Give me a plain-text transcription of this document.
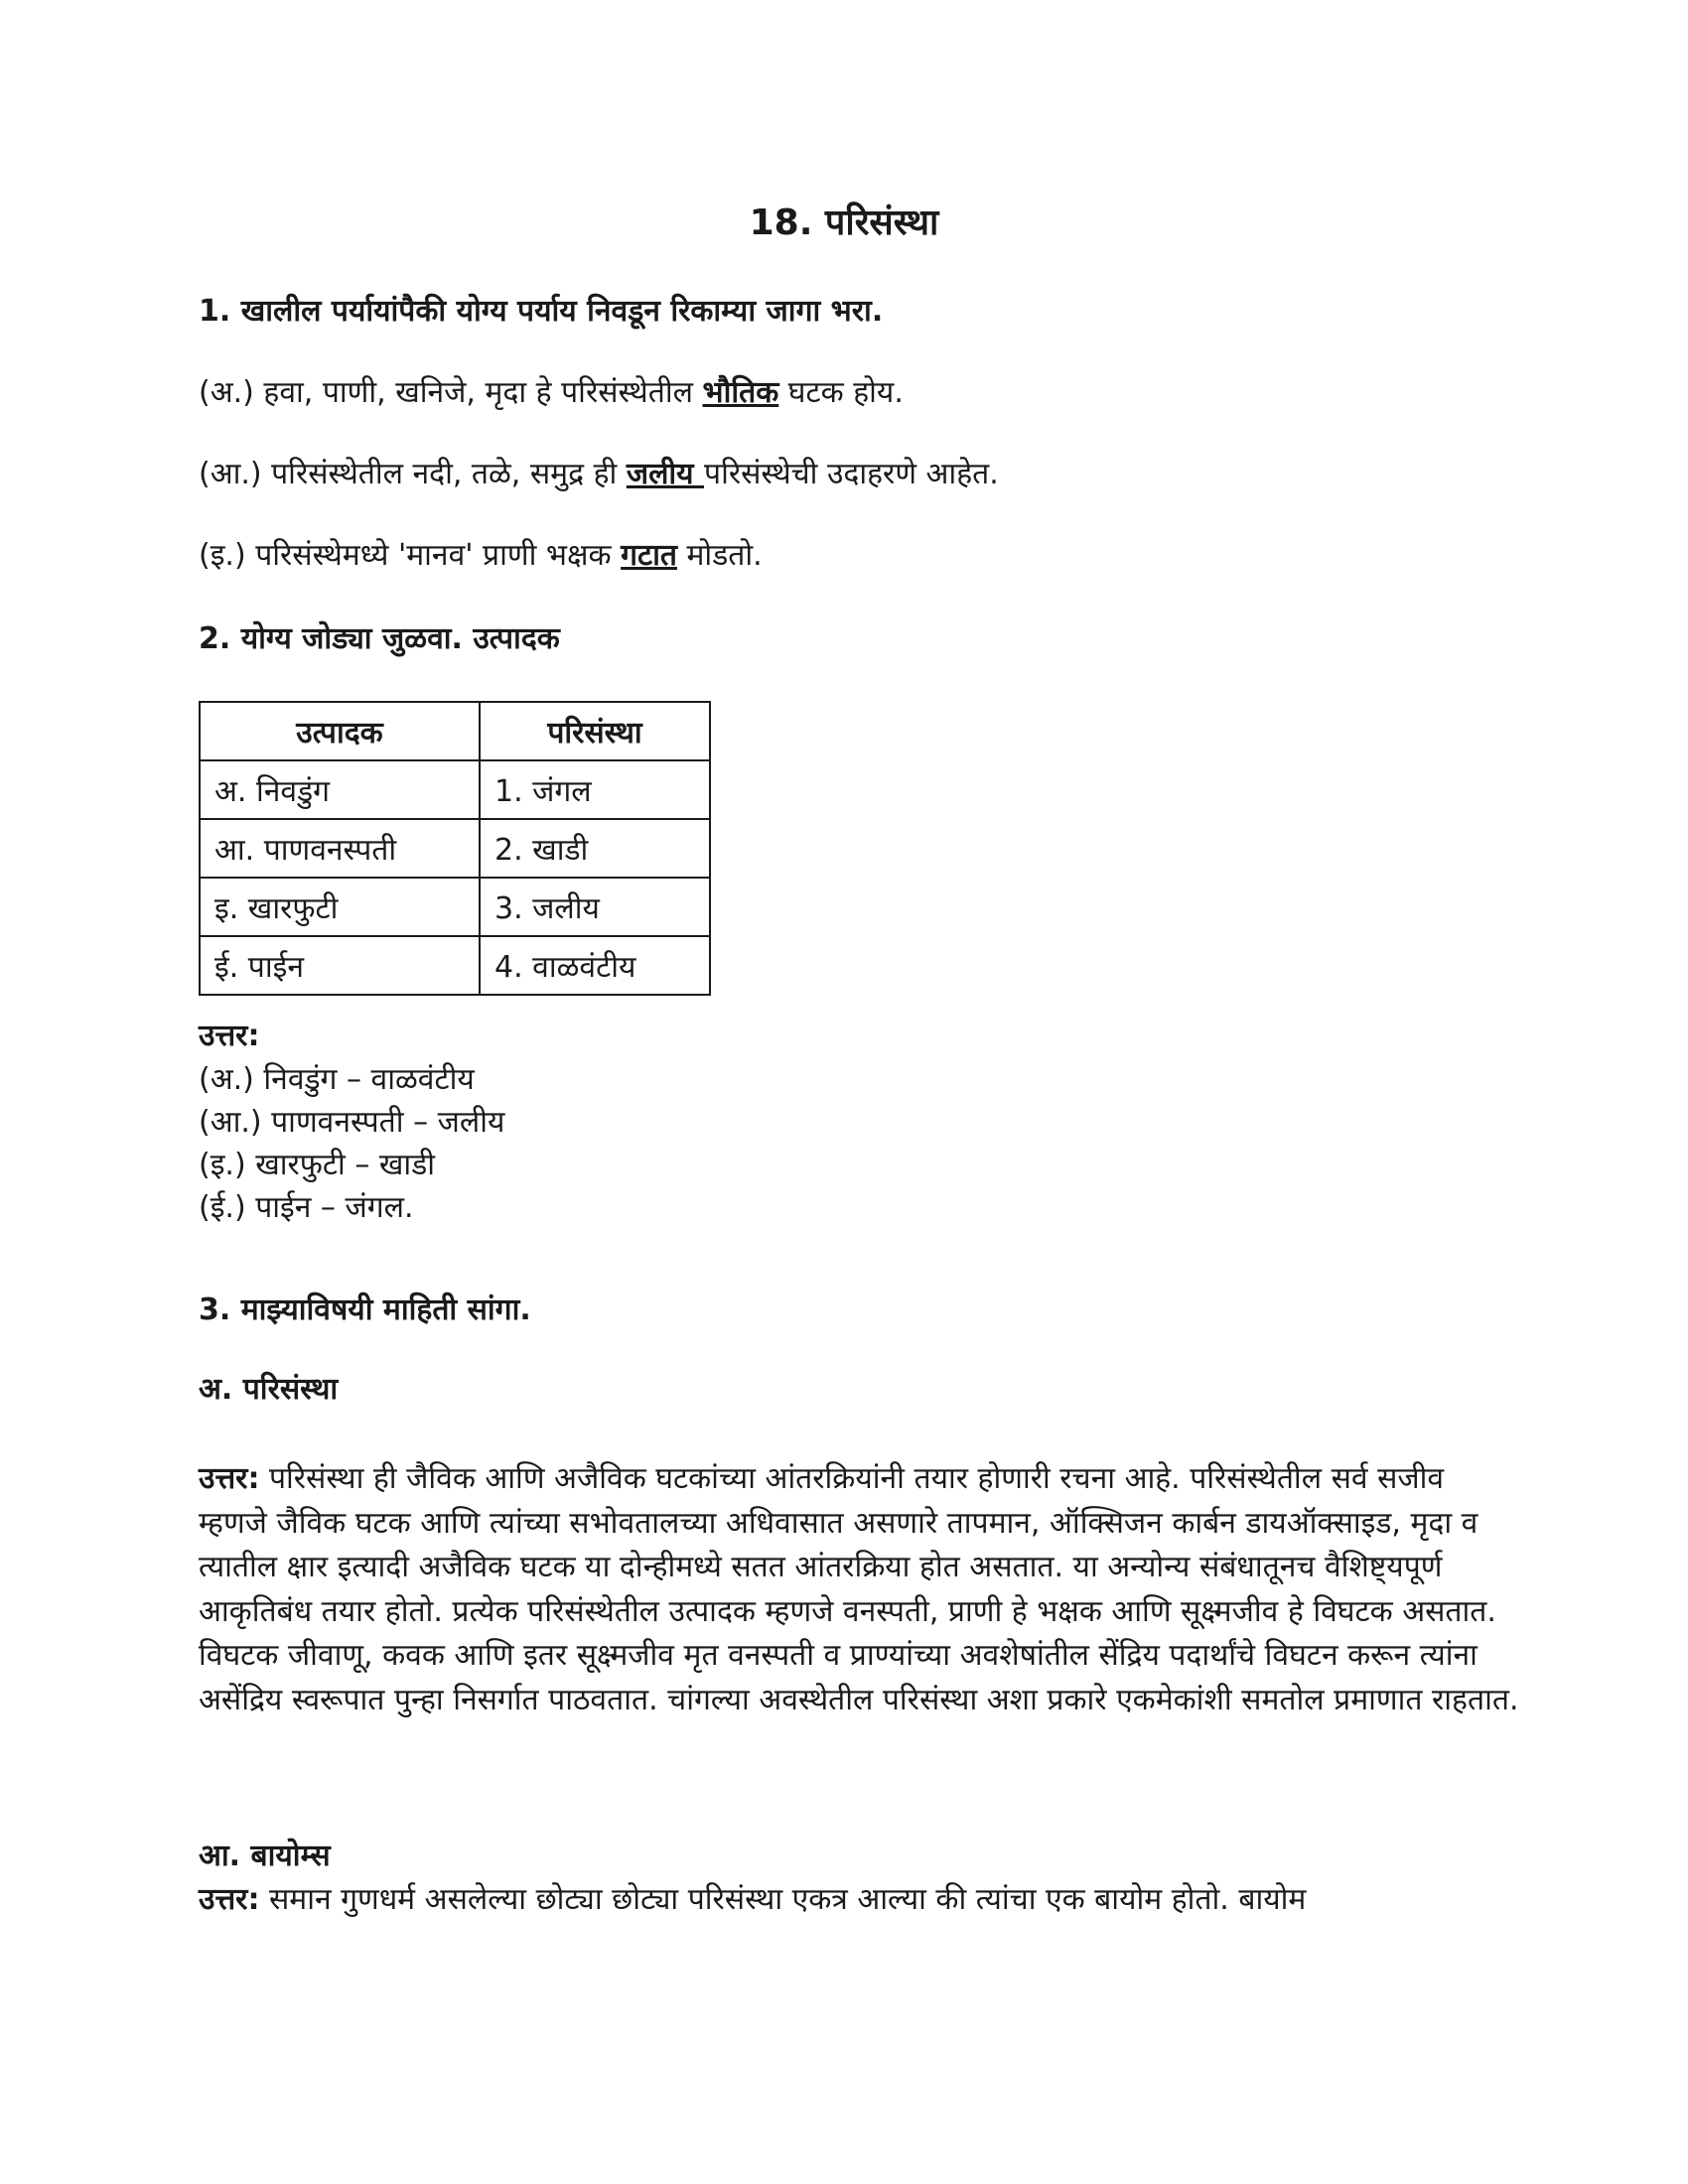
18. परिसंस्था
1. खालील पर्यायांपैकी योग्य पर्याय निवडून रिकाम्या जागा भरा.
(अ.) हवा, पाणी, खनिजे, मृदा हे परिसंस्थेतील भौतिक घटक होय.
(आ.) परिसंस्थेतील नदी, तळे, समुद्र ही जलीय परिसंस्थेची उदाहरणे आहेत.
(इ.) परिसंस्थेमध्ये 'मानव' प्राणी भक्षक गटात मोडतो.
2. योग्य जोड्या जुळवा. उत्पादक
उत्पादक	परिसंस्था
अ. निवडुंग	1. जंगल
आ. पाणवनस्पती	2. खाडी
इ. खारफुटी	3. जलीय
ई. पाईन	4. वाळवंटीय
उत्तर:
(अ.) निवडुंग – वाळवंटीय
(आ.) पाणवनस्पती – जलीय
(इ.) खारफुटी – खाडी
(ई.) पाईन – जंगल.
3. माझ्याविषयी माहिती सांगा.
अ. परिसंस्था
उत्तर: परिसंस्था ही जैविक आणि अजैविक घटकांच्या आंतरक्रियांनी तयार होणारी रचना आहे. परिसंस्थेतील सर्व सजीव म्हणजे जैविक घटक आणि त्यांच्या सभोवतालच्या अधिवासात असणारे तापमान, ऑक्सिजन कार्बन डायऑक्साइड, मृदा व त्यातील क्षार इत्यादी अजैविक घटक या दोन्हीमध्ये सतत आंतरक्रिया होत असतात. या अन्योन्य संबंधातूनच वैशिष्ट्यपूर्ण आकृतिबंध तयार होतो. प्रत्येक परिसंस्थेतील उत्पादक म्हणजे वनस्पती, प्राणी हे भक्षक आणि सूक्ष्मजीव हे विघटक असतात. विघटक जीवाणू, कवक आणि इतर सूक्ष्मजीव मृत वनस्पती व प्राण्यांच्या अवशेषांतील सेंद्रिय पदार्थांचे विघटन करून त्यांना असेंद्रिय स्वरूपात पुन्हा निसर्गात पाठवतात. चांगल्या अवस्थेतील परिसंस्था अशा प्रकारे एकमेकांशी समतोल प्रमाणात राहतात.
आ. बायोम्स
उत्तर: समान गुणधर्म असलेल्या छोट्या छोट्या परिसंस्था एकत्र आल्या की त्यांचा एक बायोम होतो. बायोम
